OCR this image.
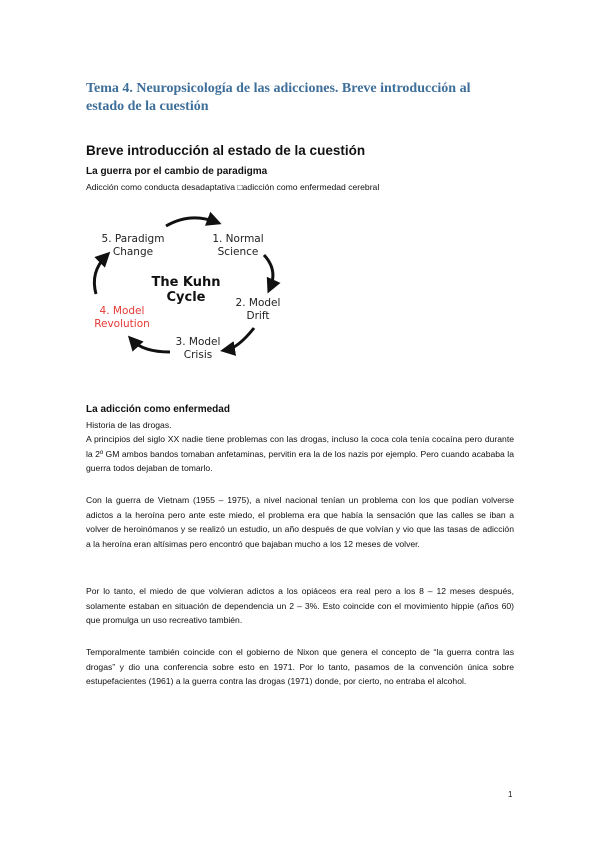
Tema 4. Neuropsicología de las adicciones. Breve introducción al estado de la cuestión
Breve introducción al estado de la cuestión
La guerra por el cambio de paradigma

Adicción como conducta desadaptativa □adicción como enfermedad cerebral

5. Paradigm
Change
1. Normal
Science
The Kuhn
Cycle	2. Model
Drift
4. Model
Revolution
3. Model
Crisis
La adicción como enfermedad

Historia de las drogas.

A principios del siglo XX nadie tiene problemas con las drogas, incluso la coca cola tenía cocaína pero durante la 2º GM ambos bandos tomaban anfetaminas, pervitin era la de los nazis por ejemplo. Pero cuando acababa la guerra todos dejaban de tomarlo.

Con la guerra de Vietnam (1955 – 1975), a nivel nacional tenían un problema con los que podían volverse adictos a la heroína pero ante este miedo, el problema era que había la sensación que las calles se iban a volver de heroinómanos y se realizó un estudio, un año después de que volvían y vio que las tasas de adicción a la heroína eran altísimas pero encontró que bajaban mucho a los 12 meses de volver.

Por lo tanto, el miedo de que volvieran adictos a los opiáceos era real pero a los 8 – 12 meses después, solamente estaban en situación de dependencia un 2 – 3%. Esto coincide con el movimiento hippie (años 60) que promulga un uso recreativo también.

Temporalmente también coincide con el gobierno de Nixon que genera el concepto de “la guerra contra las drogas” y dio una conferencia sobre esto en 1971. Por lo tanto, pasamos de la convención única sobre estupefacientes (1961) a la guerra contra las drogas (1971) donde, por cierto, no entraba el alcohol.

1
